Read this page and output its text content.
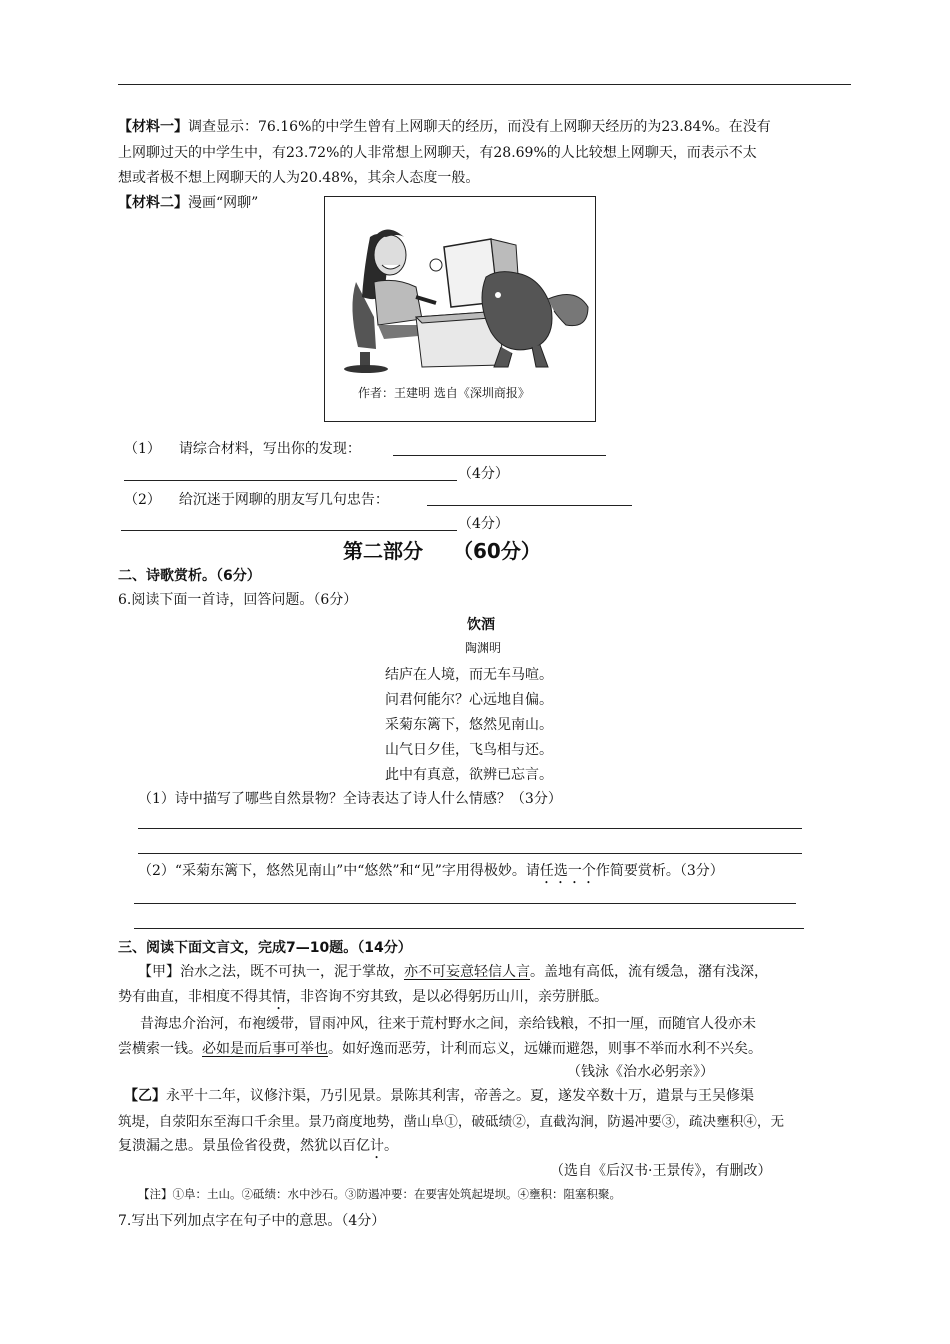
【材料一】调查显示：76.16%的中学生曾有上网聊天的经历，而没有上网聊天经历的为23.84%。在没有
上网聊过天的中学生中，有23.72%的人非常想上网聊天，有28.69%的人比较想上网聊天，而表示不太
想或者极不想上网聊天的人为20.48%，其余人态度一般。
【材料二】漫画“网聊”
作者：王建明 选自《深圳商报》
（1） 请综合材料，写出你的发现：
（4分）
（2） 给沉迷于网聊的朋友写几句忠告：
（4分）
第二部分 （60分）
二、诗歌赏析。（6分）
6.阅读下面一首诗，回答问题。（6分）
饮酒
陶渊明
结庐在人境，而无车马喧。
问君何能尔？心远地自偏。
采菊东篱下，悠然见南山。
山气日夕佳，飞鸟相与还。
此中有真意，欲辨已忘言。
（1）诗中描写了哪些自然景物？全诗表达了诗人什么情感？（3分）
（2）“采菊东篱下，悠然见南山”中“悠然”和“见”字用得极妙。请任选一个作简要赏析。（3分）
三、阅读下面文言文，完成7—10题。（14分）
【甲】治水之法，既不可执一，泥于掌故，亦不可妄意轻信人言。盖地有高低，流有缓急，潴有浅深，
势有曲直，非相度不得其情，非咨询不穷其致，是以必得躬历山川，亲劳胼胝。
昔海忠介治河，布袍缓带，冒雨冲风，往来于荒村野水之间，亲给钱粮，不扣一厘，而随官人役亦未
尝横索一钱。必如是而后事可举也。如好逸而恶劳，计利而忘义，远嫌而避怨，则事不举而水利不兴矣。
（钱泳《治水必躬亲》）
【乙】永平十二年，议修汴渠，乃引见景。景陈其利害，帝善之。夏，遂发卒数十万，遣景与王吴修渠
筑堤，自荥阳东至海口千余里。景乃商度地势，凿山阜①，破砥绩②，直截沟涧，防遏冲要③，疏决壅积④，无
复溃漏之患。景虽俭省役费，然犹以百亿计。
（选自《后汉书·王景传》，有删改）
【注】①阜：土山。②砥绩：水中沙石。③防遏冲要：在要害处筑起堤坝。④壅积：阻塞积聚。
7.写出下列加点字在句子中的意思。（4分）
